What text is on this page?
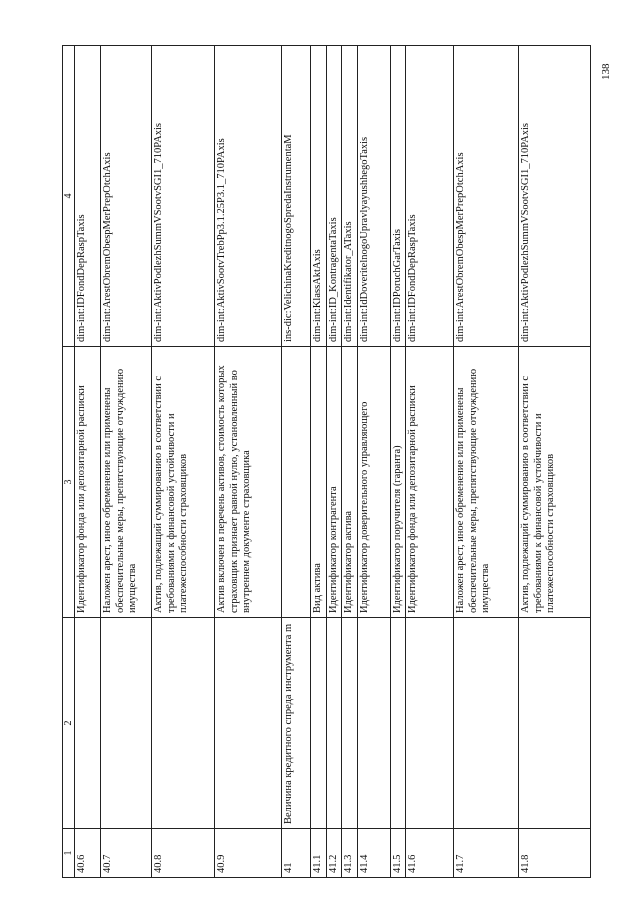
1	2	3	4
40.6		Идентификатор фонда или депозитарной расписки	dim-int:IDFondDepRaspTaxis
40.7		Наложен арест, иное обременение или применены обеспечительные меры, препятствующие отчуждению имущества	dim-int:ArestObremObespMerPrepOtchAxis
40.8		Актив, подлежащий суммированию в соответствии с требованиями к финансовой устойчивости и платежеспособности страховщиков	dim-int:AktivPodlezhSummVSootvSGI1_710PAxis
40.9		Актив включен в перечень активов, стоимость которых страховщик признает равной нулю, установленный во внутреннем документе страховщика	dim-int:AktivSootvTrebPp3.1.25P3.1_710PAxis
41	Величина кредитного спреда инструмента m		ins-dic:VelichinaKreditnogoSpredaInstrumentaM
41.1		Вид актива	dim-int:KlassAktAxis
41.2		Идентификатор контрагента	dim-int:ID_KontragentaTaxis
41.3		Идентификатор актива	dim-int:Identifikator_ATaxis
41.4		Идентификатор доверительного управляющего	dim-int:IdDoveritelnogoUpravlyayushhegoTaxis
41.5		Идентификатор поручителя (гаранта)	dim-int:IDPoruchGarTaxis
41.6		Идентификатор фонда или депозитарной расписки	dim-int:IDFondDepRaspTaxis
41.7		Наложен арест, иное обременение или применены обеспечительные меры, препятствующие отчуждению имущества	dim-int:ArestObremObespMerPrepOtchAxis
41.8		Актив, подлежащий суммированию в соответствии с требованиями к финансовой устойчивости и платежеспособности страховщиков	dim-int:AktivPodlezhSummVSootvSGI1_710PAxis
138
